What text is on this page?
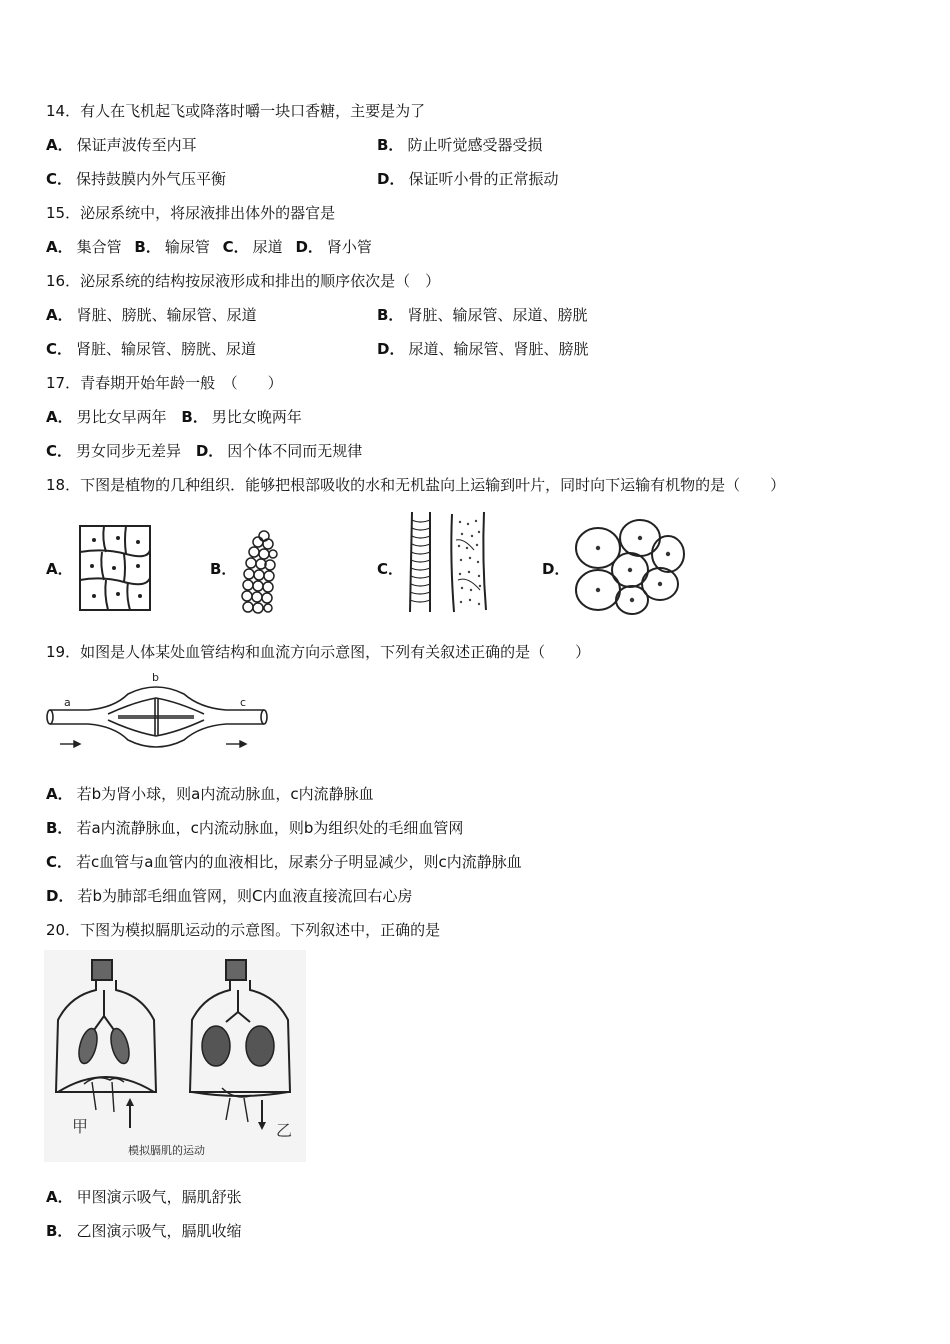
14．有人在飞机起飞或降落时嚼一块口香糖，主要是为了
A． 保证声波传至内耳	B． 防止听觉感受器受损
C． 保持鼓膜内外气压平衡	D． 保证听小骨的正常振动
15．泌尿系统中，将尿液排出体外的器官是
A． 集合管 B． 输尿管 C． 尿道 D． 肾小管
16．泌尿系统的结构按尿液形成和排出的顺序依次是（　）
A． 肾脏、膀胱、输尿管、尿道	B． 肾脏、输尿管、尿道、膀胱
C． 肾脏、输尿管、膀胱、尿道	D． 尿道、输尿管、肾脏、膀胱
17．青春期开始年龄一般　（　　）
A． 男比女早两年 B． 男比女晚两年
C． 男女同步无差异 D． 因个体不同而无规律
18．下图是植物的几种组织．能够把根部吸收的水和无机盐向上运输到叶片，同时向下运输有机物的是（　　）
A．	B．	C．	D．
19．如图是人体某处血管结构和血流方向示意图，下列有关叙述正确的是（　　）
a
b
c
A． 若b为肾小球，则a内流动脉血，c内流静脉血
B． 若a内流静脉血，c内流动脉血，则b为组织处的毛细血管网
C． 若c血管与a血管内的血液相比，尿素分子明显减少，则c内流静脉血
D． 若b为肺部毛细血管网，则C内血液直接流回右心房
20．下图为模拟膈肌运动的示意图。下列叙述中，正确的是
甲	乙
模拟膈肌的运动
A． 甲图演示吸气，膈肌舒张
B． 乙图演示吸气，膈肌收缩
